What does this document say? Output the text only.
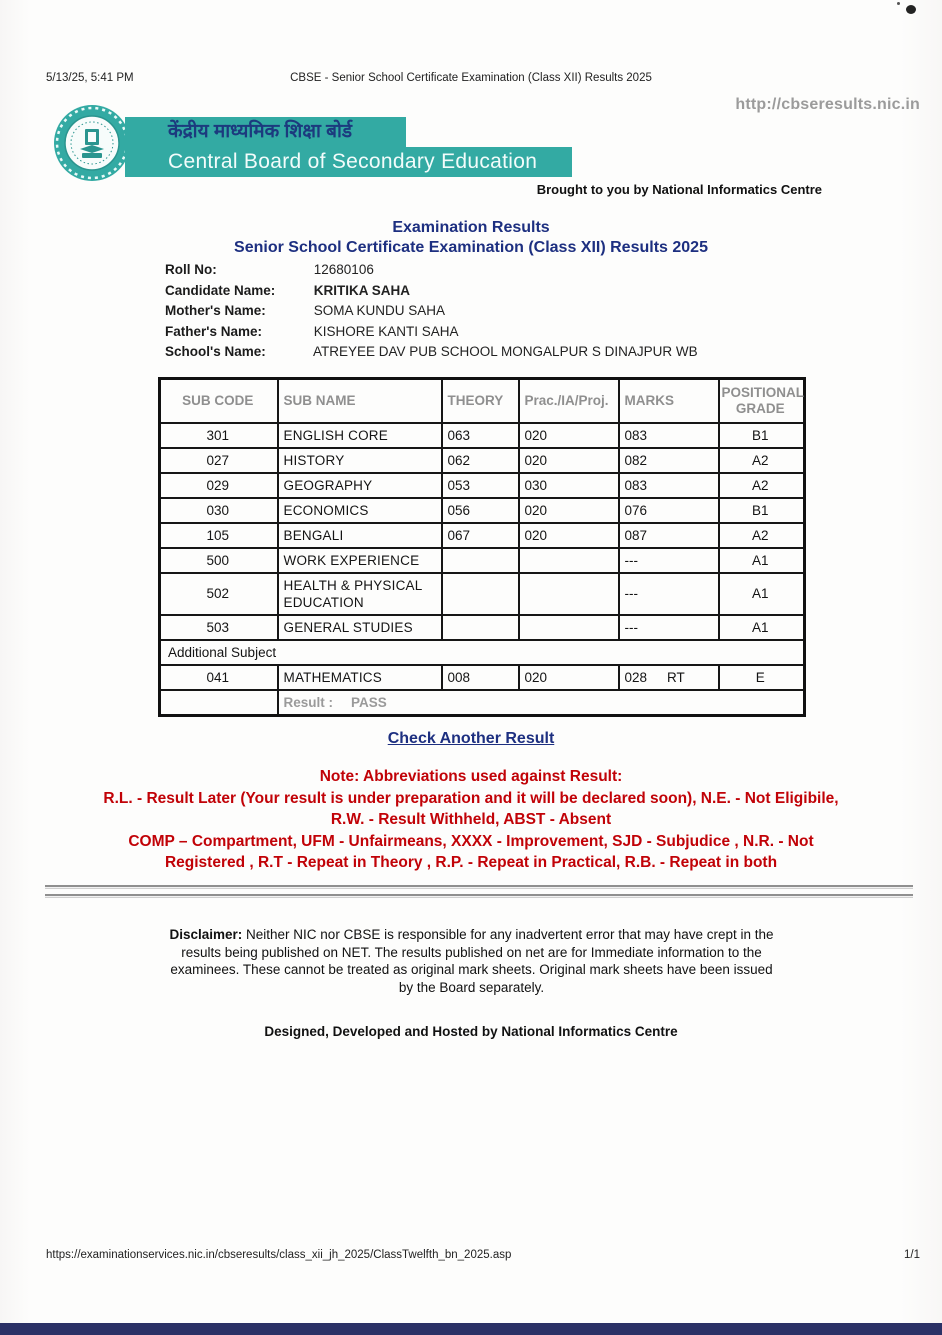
5/13/25, 5:41 PM	CBSE - Senior School Certificate Examination (Class XII) Results 2025
http://cbseresults.nic.in
केंद्रीय माध्यमिक शिक्षा बोर्ड
Central Board of Secondary Education
Brought to you by National Informatics Centre
Examination Results
Senior School Certificate Examination (Class XII) Results 2025
Roll No:	12680106
Candidate Name:	KRITIKA SAHA
Mother's Name:	SOMA KUNDU SAHA
Father's Name:	KISHORE KANTI SAHA
School's Name:	ATREYEE DAV PUB SCHOOL MONGALPUR S DINAJPUR WB
SUB CODE	SUB NAME	THEORY	Prac./IA/Proj.	MARKS	POSITIONAL GRADE
301	ENGLISH CORE	063	020	083	B1
027	HISTORY	062	020	082	A2
029	GEOGRAPHY	053	030	083	A2
030	ECONOMICS	056	020	076	B1
105	BENGALI	067	020	087	A2
500	WORK EXPERIENCE			---	A1
502	HEALTH & PHYSICAL EDUCATION			---	A1
503	GENERAL STUDIES			---	A1
Additional Subject					
041	MATHEMATICS	008	020	028 RT	E
	Result : PASS				
Check Another Result
Note: Abbreviations used against Result:
R.L. - Result Later (Your result is under preparation and it will be declared soon), N.E. - Not Eligibile,
R.W. - Result Withheld, ABST - Absent
COMP – Compartment, UFM - Unfairmeans, XXXX - Improvement, SJD - Subjudice , N.R. - Not
Registered , R.T - Repeat in Theory , R.P. - Repeat in Practical, R.B. - Repeat in both
Disclaimer: Neither NIC nor CBSE is responsible for any inadvertent error that may have crept in the
results being published on NET. The results published on net are for Immediate information to the
examinees. These cannot be treated as original mark sheets. Original mark sheets have been issued
by the Board separately.
Designed, Developed and Hosted by National Informatics Centre
https://examinationservices.nic.in/cbseresults/class_xii_jh_2025/ClassTwelfth_bn_2025.asp	1/1
